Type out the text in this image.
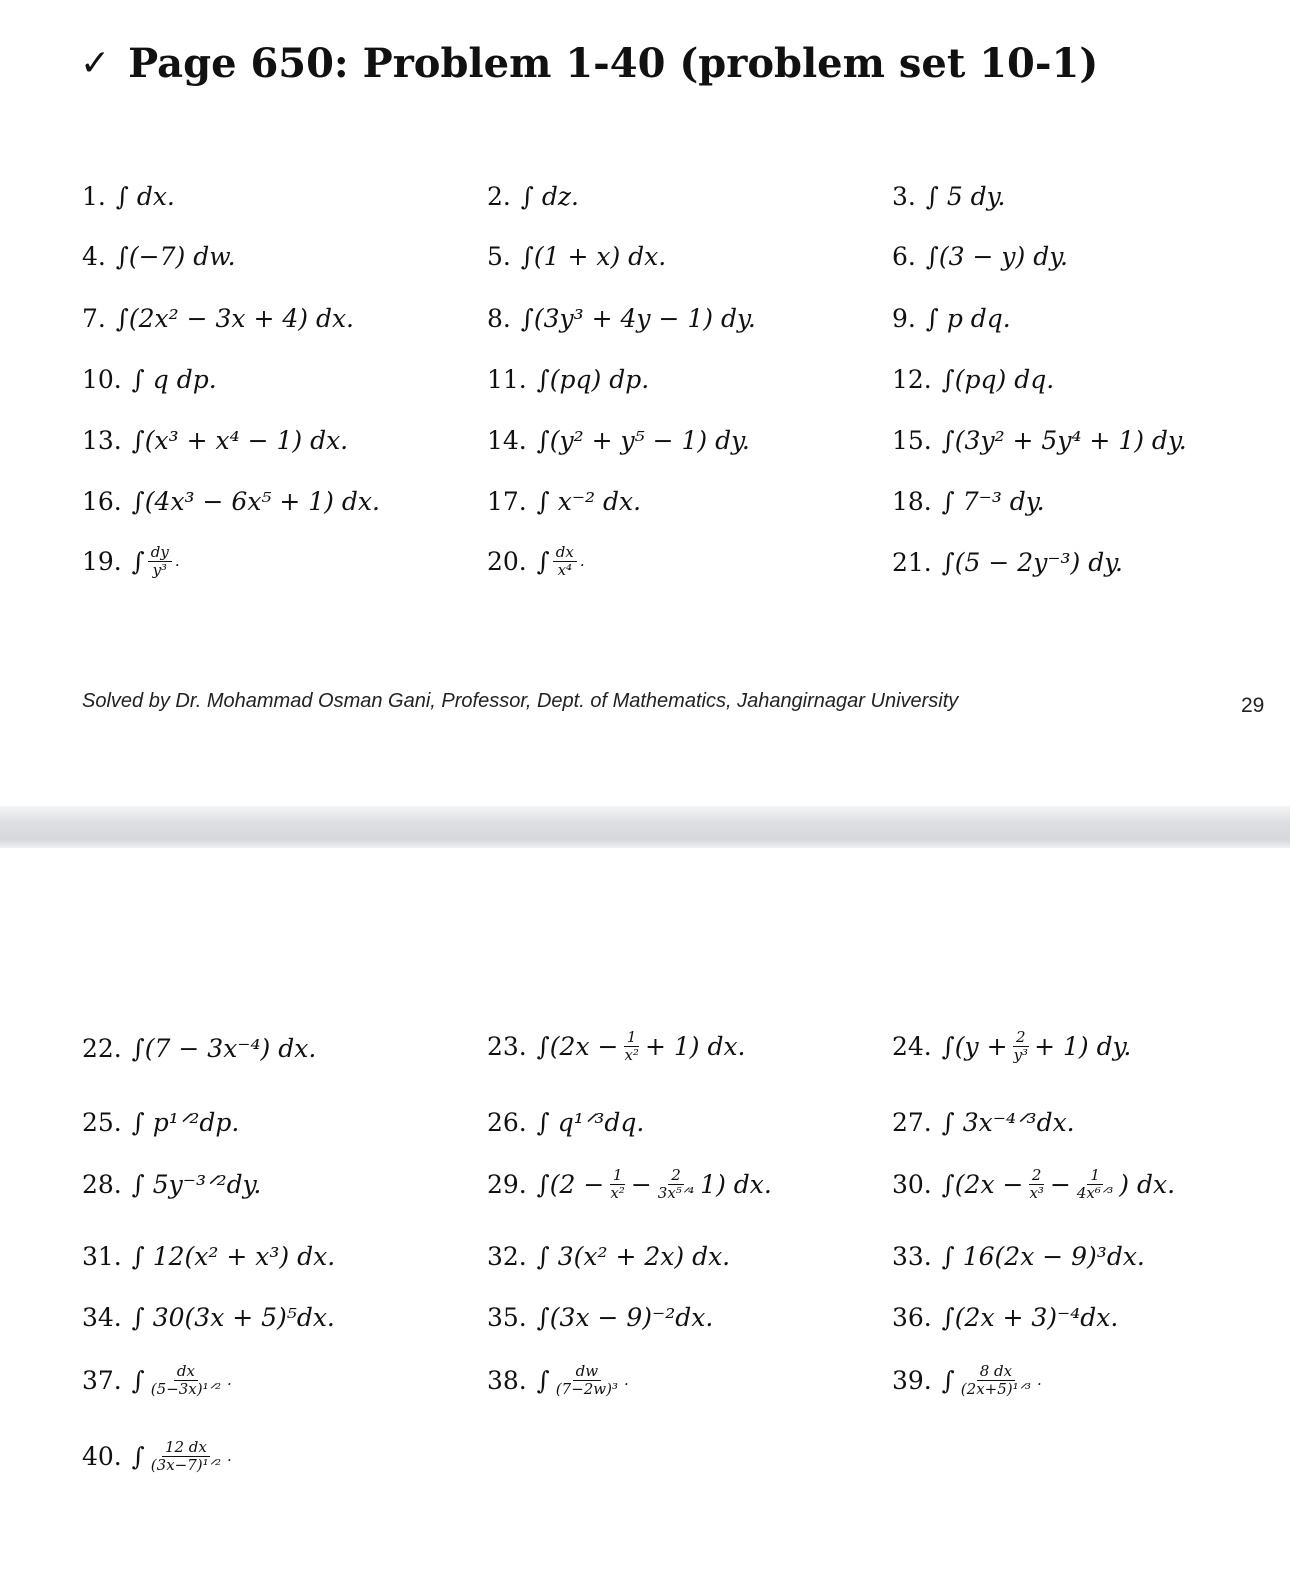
✓ Page 650: Problem 1-40 (problem set 10-1)
1. ∫ dx.	2. ∫ dz.	3. ∫ 5 dy.
4. ∫(−7) dw.	5. ∫(1 + x) dx.	6. ∫(3 − y) dy.
7. ∫(2x² − 3x + 4) dx.	8. ∫(3y³ + 4y − 1) dy.	9. ∫ p dq.
10. ∫ q dp.	11. ∫(pq) dp.	12. ∫(pq) dq.
13. ∫(x³ + x⁴ − 1) dx.	14. ∫(y² + y⁵ − 1) dy.	15. ∫(3y² + 5y⁴ + 1) dy.
16. ∫(4x³ − 6x⁵ + 1) dx.	17. ∫ x⁻² dx.	18. ∫ 7⁻³ dy.
19. ∫ $\frac{dy}{\text{y³}}$ .	20. ∫ $\frac{dx}{\text{x⁴}}$ .	21. ∫(5 − 2y⁻³) dy.
Solved by Dr. Mohammad Osman Gani, Professor, Dept. of Mathematics, Jahangirnagar University	29
22. ∫(7 − 3x⁻⁴) dx.	23. $\int(2x - \frac{1}{\text{x²}} + 1)$ dx.	24. $\int(y + \frac{2}{\text{y³}} + 1)$ dy.
25. ∫ p¹ᐟ²dp.	26. ∫ q¹ᐟ³dq.	27. ∫ 3x⁻⁴ᐟ³dx.
28. ∫ 5y⁻³ᐟ²dy.	29. $\int(2 - \frac{1}{\text{x²}} - \frac{2}{\text{3x⁵ᐟ⁴}} 1)$ dx.	30. $\int(2x - \frac{2}{\text{x³}} - \frac{1}{\text{4x⁶ᐟ³}}$ ) dx.
31. ∫ 12(x² + x³) dx.	32. ∫ 3(x² + 2x) dx.	33. ∫ 16(2x − 9)³dx.
34. ∫ 30(3x + 5)⁵dx.	35. ∫(3x − 9)⁻²dx.	36. ∫(2x + 3)⁻⁴dx.
37. ∫ $\frac{dx}{\text{(5−3x)¹ᐟ²}}$ .	38. ∫ $\frac{dw}{\text{(7−2w)³}}$ .	39. ∫ $\frac{8 dx}{\text{(2x+5)¹ᐟ³}}$ .
40. ∫ $\frac{12 dx}{\text{(3x−7)¹ᐟ²}}$ .
